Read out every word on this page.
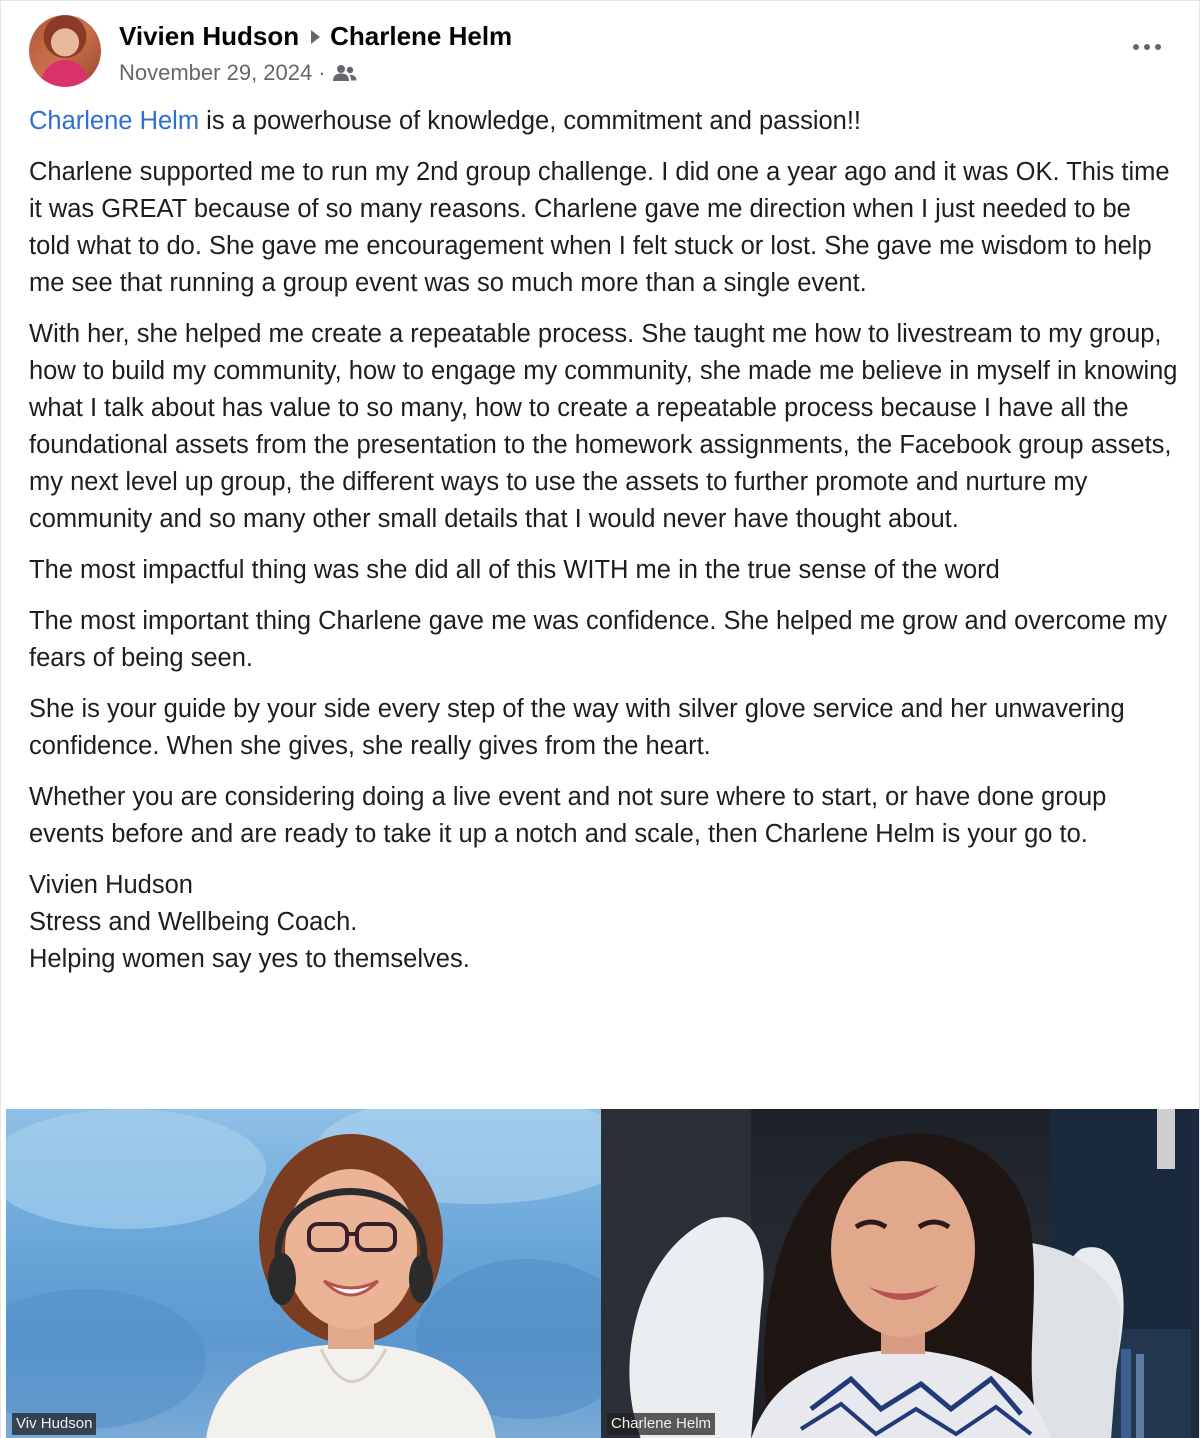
Vivien Hudson Charlene Helm
November 29, 2024 ·

Charlene Helm is a powerhouse of knowledge, commitment and passion!!

Charlene supported me to run my 2nd group challenge. I did one a year ago and it was OK. This time it was GREAT because of so many reasons. Charlene gave me direction when I just needed to be told what to do. She gave me encouragement when I felt stuck or lost. She gave me wisdom to help me see that running a group event was so much more than a single event.

With her, she helped me create a repeatable process. She taught me how to livestream to my group, how to build my community, how to engage my community, she made me believe in myself in knowing what I talk about has value to so many, how to create a repeatable process because I have all the foundational assets from the presentation to the homework assignments, the Facebook group assets, my next level up group, the different ways to use the assets to further promote and nurture my community and so many other small details that I would never have thought about.

The most impactful thing was she did all of this WITH me in the true sense of the word

The most important thing Charlene gave me was confidence. She helped me grow and overcome my fears of being seen.

She is your guide by your side every step of the way with silver glove service and her unwavering confidence. When she gives, she really gives from the heart.

Whether you are considering doing a live event and not sure where to start, or have done group events before and are ready to take it up a notch and scale, then Charlene Helm is your go to.

Vivien Hudson
Stress and Wellbeing Coach.
Helping women say yes to themselves.

Viv Hudson	Charlene Helm
